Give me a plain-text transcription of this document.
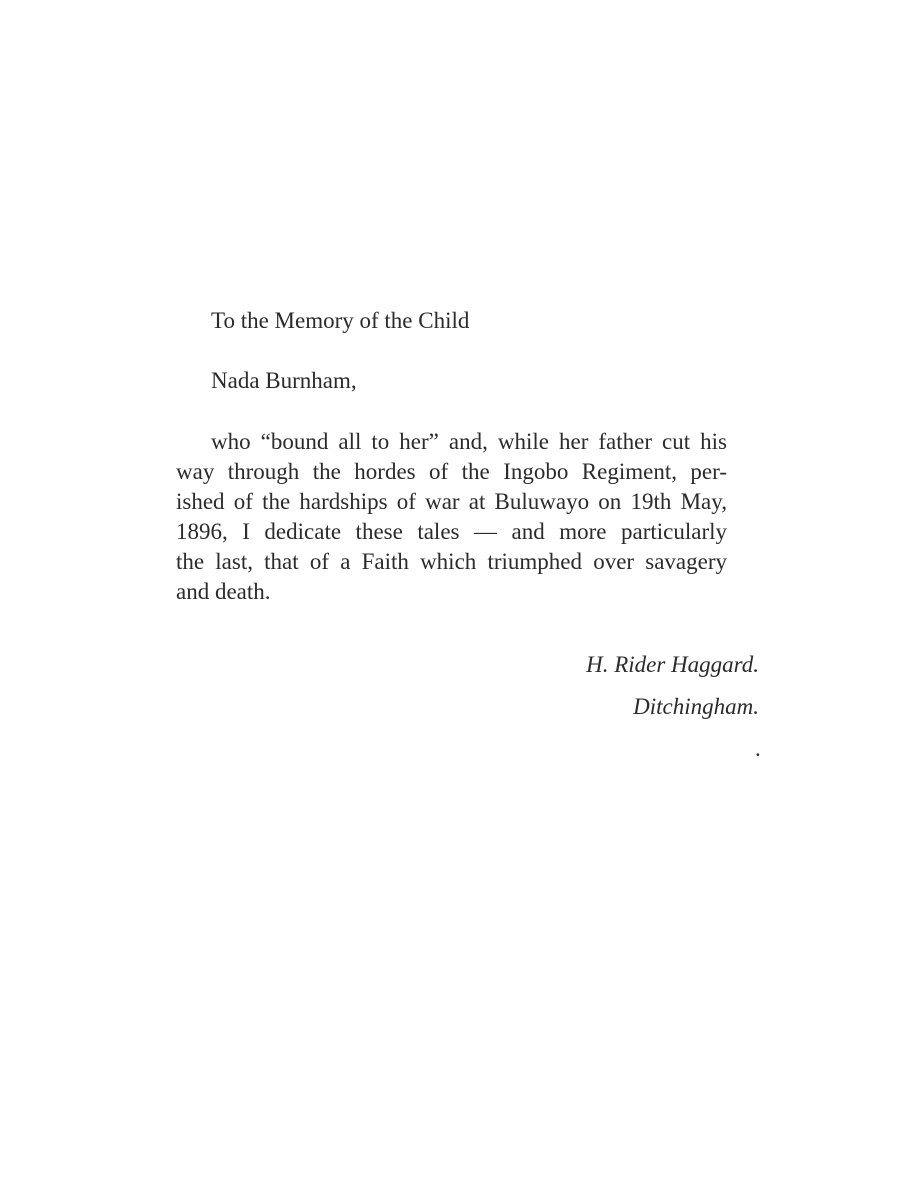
To the Memory of the Child
Nada Burnham,
who “bound all to her” and, while her father cut his
way through the hordes of the Ingobo Regiment, per-
ished of the hardships of war at Buluwayo on 19th May,
1896, I dedicate these tales — and more particularly
the last, that of a Faith which triumphed over savagery
and death.
H. Rider Haggard.
Ditchingham.
.
